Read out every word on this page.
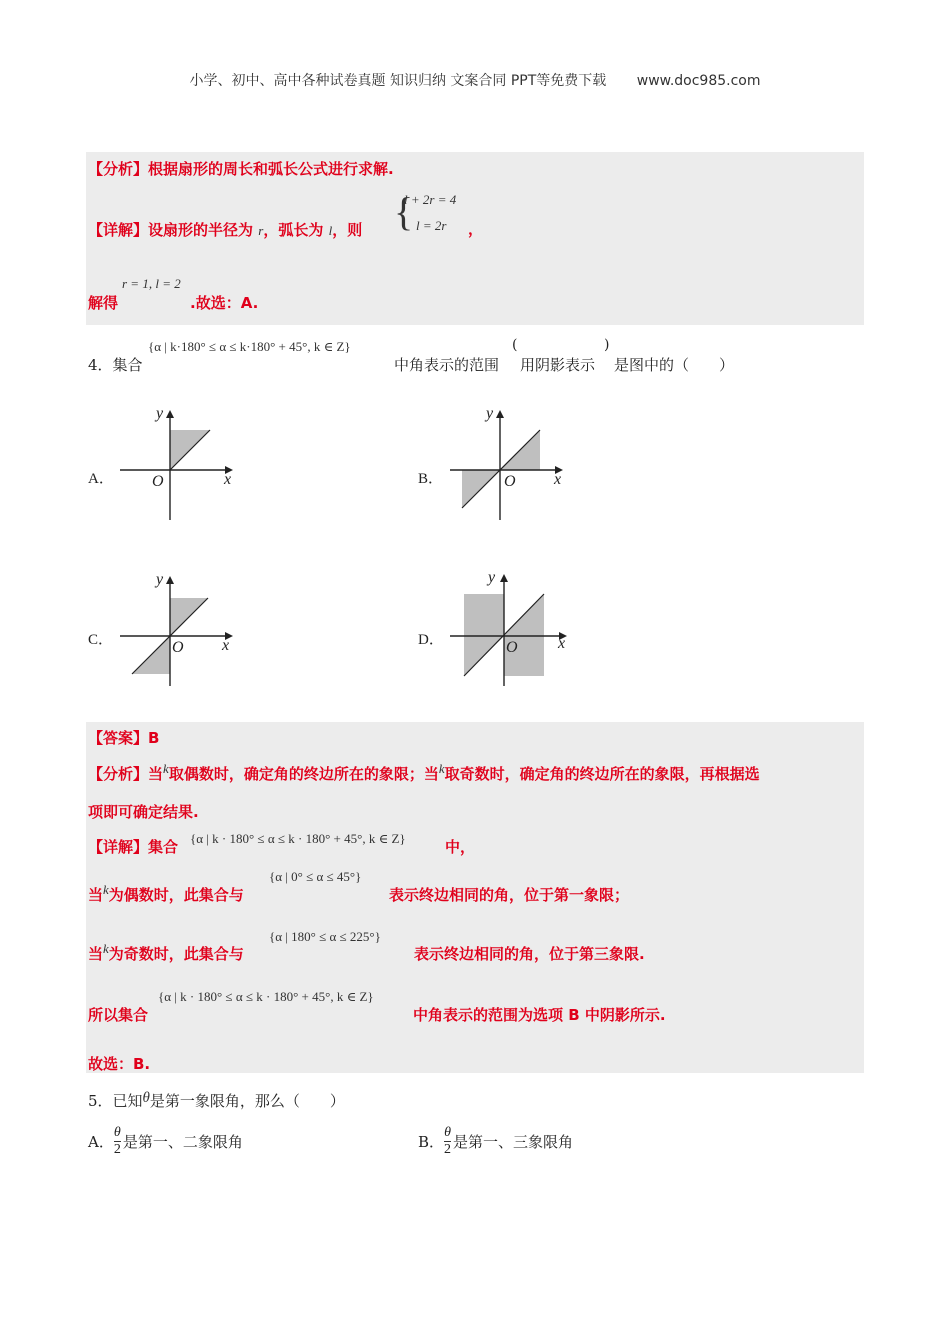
小学、初中、高中各种试卷真题 知识归纳 文案合同 PPT等免费下载 www.doc985.com
【分析】根据扇形的周长和弧长公式进行求解.
【详解】设扇形的半径为 r，弧长为 l，则 {
l + 2r = 4
l = 2r ，
r = 1, l = 2
解得	.故选：A.
4．集合
{α | k·180° ≤ α ≤ k·180° + 45°, k ∈ Z}
中角表示的范围
(
用阴影表示
)
是图中的（　　）
A．	x
y
O	B．	x
y
O
C．	x
y
O	D．	x
y
O
【答案】B
【分析】当k取偶数时，确定角的终边所在的象限；当k取奇数时，确定角的终边所在的象限，再根据选
项即可确定结果.
【详解】集合 {α | k · 180° ≤ α ≤ k · 180° + 45°, k ∈ Z}	中，
当k为偶数时，此集合与
{α | 0° ≤ α ≤ 45°}
表示终边相同的角，位于第一象限；
当k为奇数时，此集合与
{α | 180° ≤ α ≤ 225°}
表示终边相同的角，位于第三象限.
所以集合
{α | k · 180° ≤ α ≤ k · 180° + 45°, k ∈ Z}
中角表示的范围为选项 B 中阴影所示.
故选：B.
5．已知θ是第一象限角，那么（　　）
A． $\frac{\theta}{2}$ 是第一、二象限角	B． $\frac{\theta}{2}$ 是第一、三象限角
